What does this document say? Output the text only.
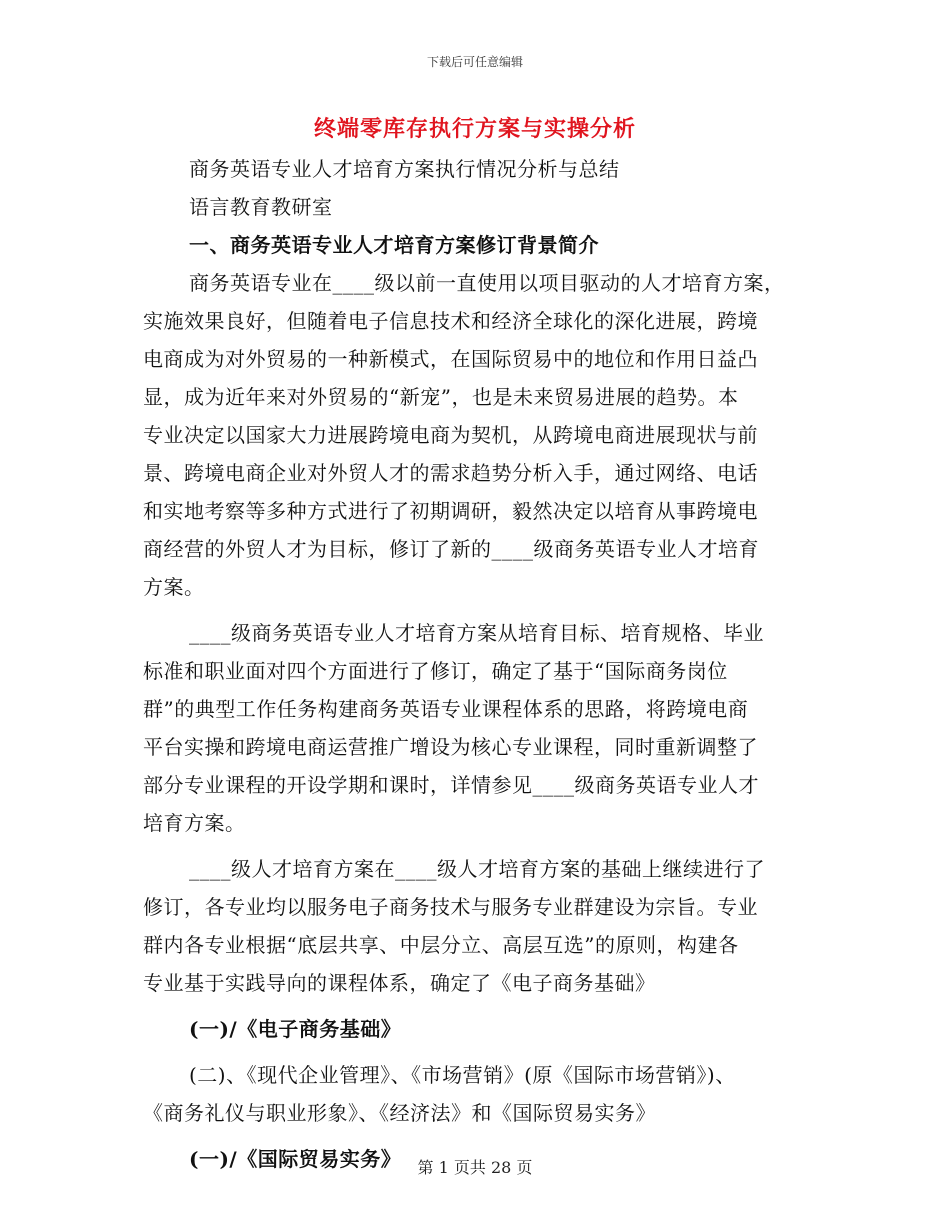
下载后可任意编辑
终端零库存执行方案与实操分析
商务英语专业人才培育方案执行情况分析与总结
语言教育教研室
一、商务英语专业人才培育方案修订背景简介
商务英语专业在____级以前一直使用以项目驱动的人才培育方案，
实施效果良好，但随着电子信息技术和经济全球化的深化进展，跨境
电商成为对外贸易的一种新模式，在国际贸易中的地位和作用日益凸
显，成为近年来对外贸易的“新宠”，也是未来贸易进展的趋势。本
专业决定以国家大力进展跨境电商为契机，从跨境电商进展现状与前
景、跨境电商企业对外贸人才的需求趋势分析入手，通过网络、电话
和实地考察等多种方式进行了初期调研，毅然决定以培育从事跨境电
商经营的外贸人才为目标，修订了新的____级商务英语专业人才培育
方案。
____级商务英语专业人才培育方案从培育目标、培育规格、毕业
标准和职业面对四个方面进行了修订，确定了基于“国际商务岗位
群”的典型工作任务构建商务英语专业课程体系的思路，将跨境电商
平台实操和跨境电商运营推广增设为核心专业课程，同时重新调整了
部分专业课程的开设学期和课时，详情参见____级商务英语专业人才
培育方案。
____级人才培育方案在____级人才培育方案的基础上继续进行了
修订，各专业均以服务电子商务技术与服务专业群建设为宗旨。专业
群内各专业根据“底层共享、中层分立、高层互选”的原则，构建各
专业基于实践导向的课程体系，确定了《电子商务基础》
(一)/《电子商务基础》
(二)、《现代企业管理》、《市场营销》(原《国际市场营销》)、
《商务礼仪与职业形象》、《经济法》和《国际贸易实务》
(一)/《国际贸易实务》	第 1 页共 28 页
